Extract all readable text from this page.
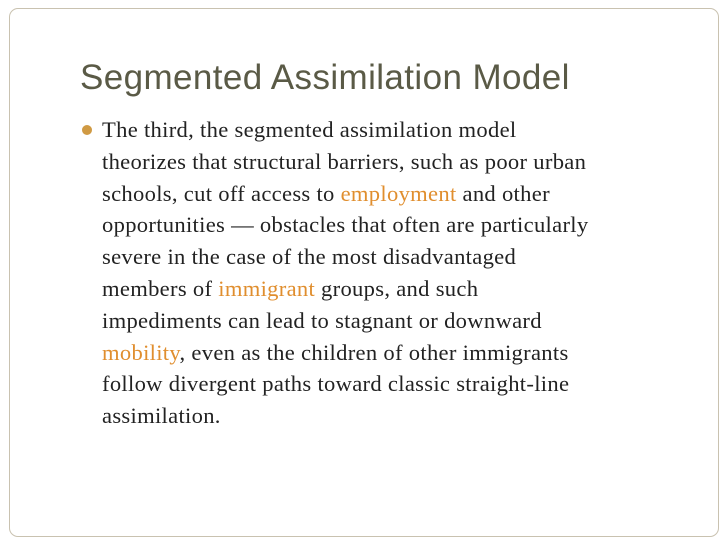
Segmented Assimilation Model
The third, the segmented assimilation model
theorizes that structural barriers, such as poor urban
schools, cut off access to employment and other
opportunities — obstacles that often are particularly
severe in the case of the most disadvantaged
members of immigrant groups, and such
impediments can lead to stagnant or downward
mobility, even as the children of other immigrants
follow divergent paths toward classic straight-line
assimilation.
